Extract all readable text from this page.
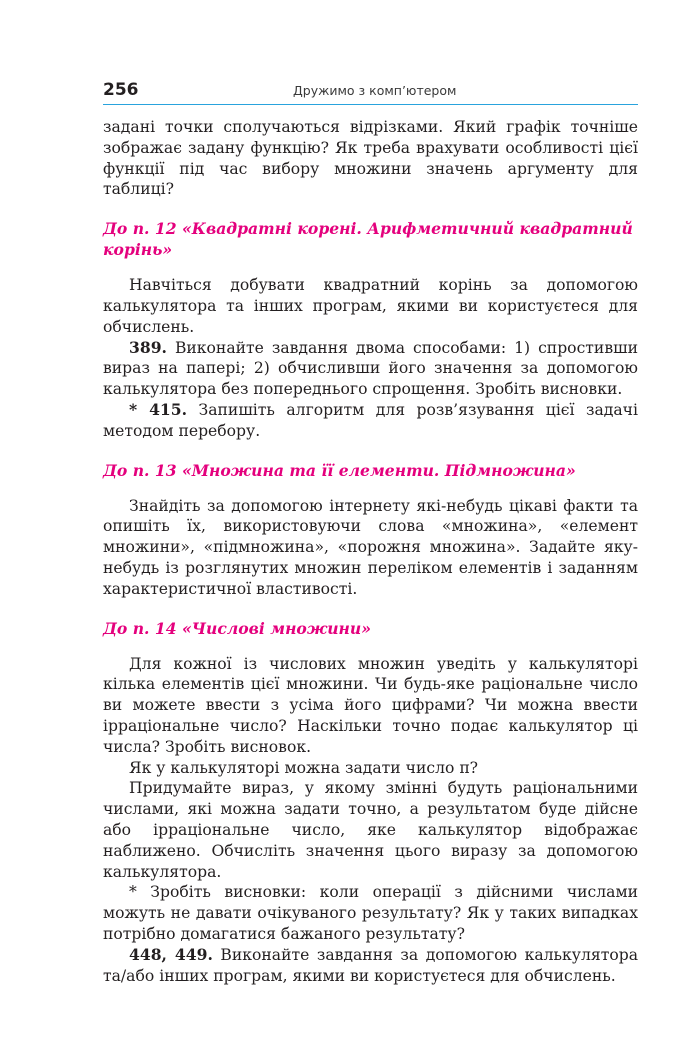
256	Дружимо з комп’ютером

задані точки сполучаються відрізками. Який графік точніше зображає задану функцію? Як треба врахувати особливості цієї функції під час вибору множини значень аргументу для таблиці?

До п. 12 «Квадратні корені. Арифметичний квадратний корінь»

Навчіться добувати квадратний корінь за допомогою калькулятора та інших програм, якими ви користуєтеся для обчислень.

389. Виконайте завдання двома способами: 1) спростивши вираз на папері; 2) обчисливши його значення за допомогою калькулятора без попереднього спрощення. Зробіть висновки.

* 415. Запишіть алгоритм для розв’язування цієї задачі методом перебору.

До п. 13 «Множина та її елементи. Підмножина»

Знайдіть за допомогою інтернету які-небудь цікаві факти та опишіть їх, використовуючи слова «множина», «елемент множини», «підмножина», «порожня множина». Задайте яку-небудь із розглянутих множин переліком елементів і заданням характеристичної властивості.

До п. 14 «Числові множини»

Для кожної із числових множин уведіть у калькуляторі кілька елементів цієї множини. Чи будь-яке раціональне число ви можете ввести з усіма його цифрами? Чи можна ввести ірраціональне число? Наскільки точно подає калькулятор ці числа? Зробіть висновок.

Як у калькуляторі можна задати число π?

Придумайте вираз, у якому змінні будуть раціональними числами, які можна задати точно, а результатом буде дійсне або ірраціональне число, яке калькулятор відображає наближено. Обчисліть значення цього виразу за допомогою калькулятора.

* Зробіть висновки: коли операції з дійсними числами можуть не давати очікуваного результату? Як у таких випадках потрібно домагатися бажаного результату?

448, 449. Виконайте завдання за допомогою калькулятора та/або інших програм, якими ви користуєтеся для обчислень.
